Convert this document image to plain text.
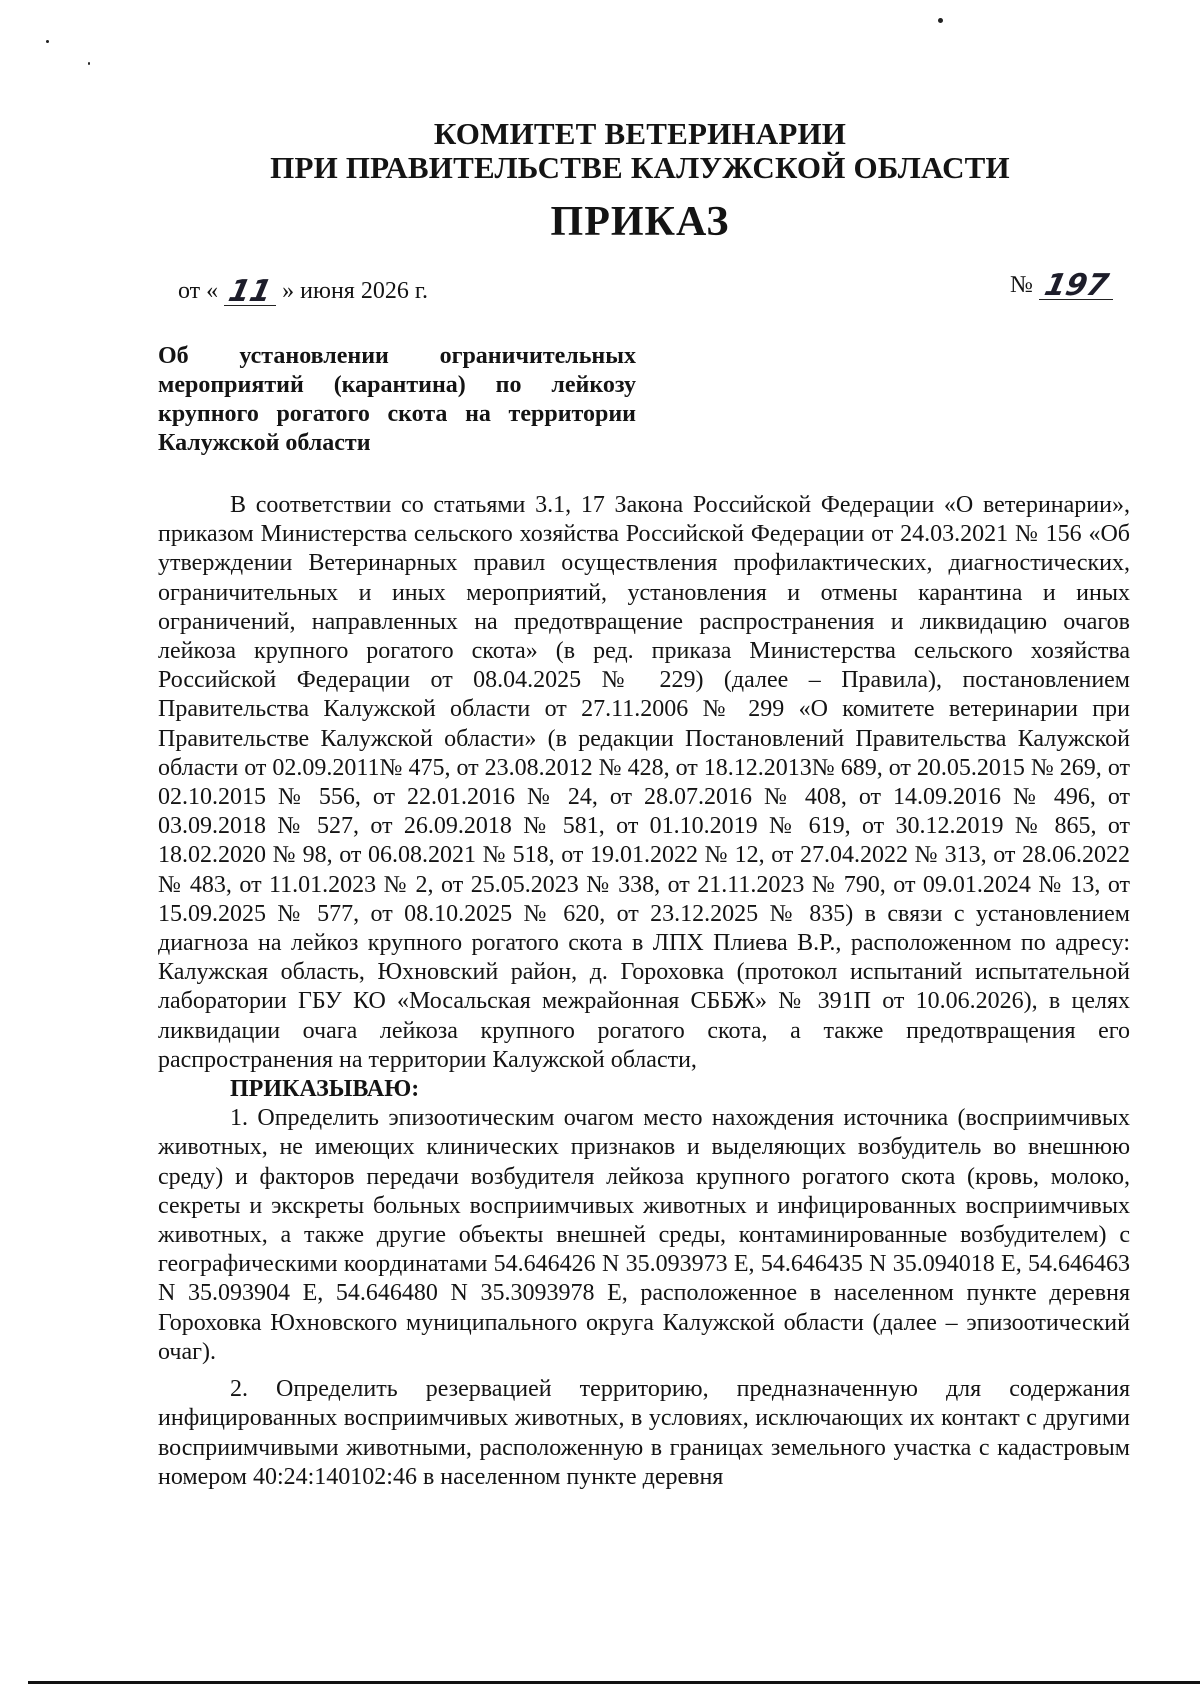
КОМИТЕТ ВЕТЕРИНАРИИ
ПРИ ПРАВИТЕЛЬСТВЕ КАЛУЖСКОЙ ОБЛАСТИ
ПРИКАЗ
от « 11 » июня 2026 г.	№ 197
Об установлении ограничительных мероприятий (карантина) по лейкозу крупного рогатого скота на территории Калужской области

В соответствии со статьями 3.1, 17 Закона Российской Федерации «О ветеринарии», приказом Министерства сельского хозяйства Российской Федерации от 24.03.2021 № 156 «Об утверждении Ветеринарных правил осуществления профилактических, диагностических, ограничительных и иных мероприятий, установления и отмены карантина и иных ограничений, направленных на предотвращение распространения и ликвидацию очагов лейкоза крупного рогатого скота» (в ред. приказа Министерства сельского хозяйства Российской Федерации от 08.04.2025 № 229) (далее – Правила), постановлением Правительства Калужской области от 27.11.2006 № 299 «О комитете ветеринарии при Правительстве Калужской области» (в редакции Постановлений Правительства Калужской области от 02.09.2011№ 475, от 23.08.2012 № 428, от 18.12.2013№ 689, от 20.05.2015 № 269, от 02.10.2015 № 556, от 22.01.2016 № 24, от 28.07.2016 № 408, от 14.09.2016 № 496, от 03.09.2018 № 527, от 26.09.2018 № 581, от 01.10.2019 № 619, от 30.12.2019 № 865, от 18.02.2020 № 98, от 06.08.2021 № 518, от 19.01.2022 № 12, от 27.04.2022 № 313, от 28.06.2022 № 483, от 11.01.2023 № 2, от 25.05.2023 № 338, от 21.11.2023 № 790, от 09.01.2024 № 13, от 15.09.2025 № 577, от 08.10.2025 № 620, от 23.12.2025 № 835) в связи с установлением диагноза на лейкоз крупного рогатого скота в ЛПХ Плиева В.Р., расположенном по адресу: Калужская область, Юхновский район, д. Гороховка (протокол испытаний испытательной лаборатории ГБУ КО «Мосальская межрайонная СББЖ» № 391П от 10.06.2026), в целях ликвидации очага лейкоза крупного рогатого скота, а также предотвращения его распространения на территории Калужской области,

ПРИКАЗЫВАЮ:

1. Определить эпизоотическим очагом место нахождения источника (восприимчивых животных, не имеющих клинических признаков и выделяющих возбудитель во внешнюю среду) и факторов передачи возбудителя лейкоза крупного рогатого скота (кровь, молоко, секреты и экскреты больных восприимчивых животных и инфицированных восприимчивых животных, а также другие объекты внешней среды, контаминированные возбудителем) с географическими координатами 54.646426 N 35.093973 E, 54.646435 N 35.094018 E, 54.646463 N 35.093904 E, 54.646480 N 35.3093978 E, расположенное в населенном пункте деревня Гороховка Юхновского муниципального округа Калужской области (далее – эпизоотический очаг).

2. Определить резервацией территорию, предназначенную для содержания инфицированных восприимчивых животных, в условиях, исключающих их контакт с другими восприимчивыми животными, расположенную в границах земельного участка с кадастровым номером 40:24:140102:46 в населенном пункте деревня
